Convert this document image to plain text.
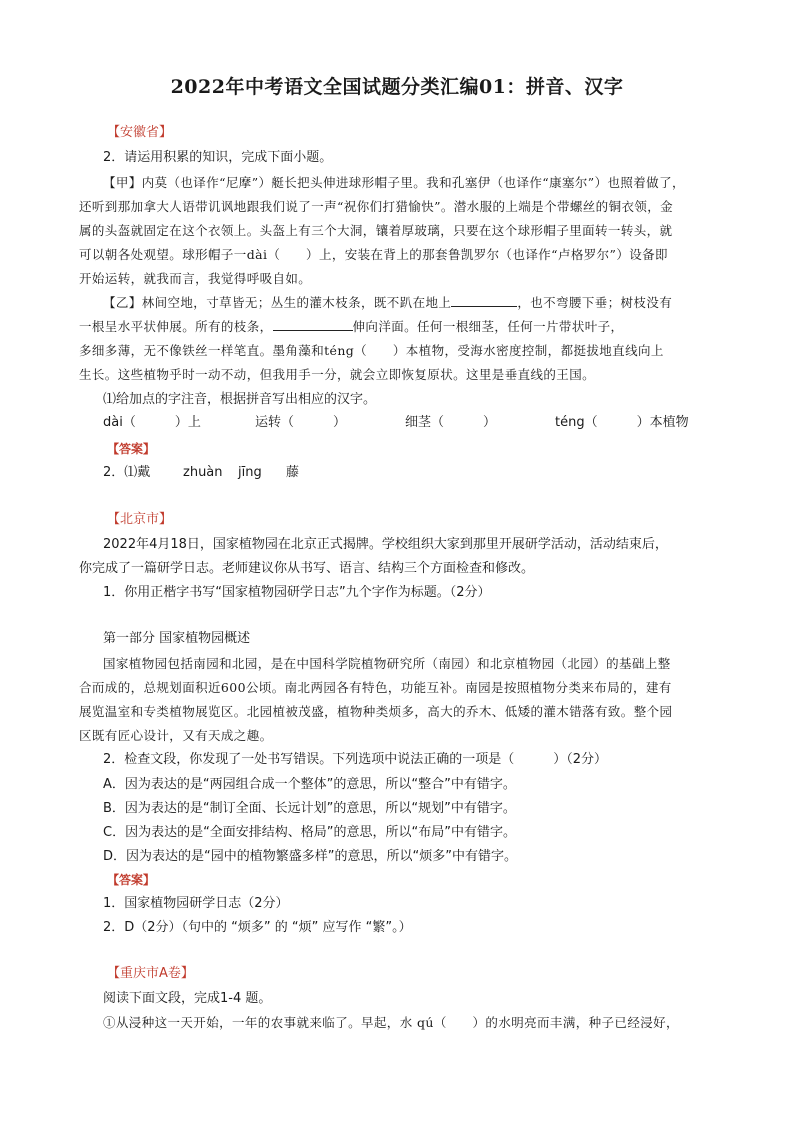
2022年中考语文全国试题分类汇编01：拼音、汉字
【安徽省】
2．请运用积累的知识，完成下面小题。
【甲】内莫（也译作“尼摩”）艇长把头伸进球形帽子里。我和孔塞伊（也译作“康塞尔”）也照着做了，
还听到那加拿大人语带讥讽地跟我们说了一声“祝你们打猎愉快”。潜水服的上端是个带螺丝的铜衣领，金
属的头盔就固定在这个衣领上。头盔上有三个大洞，镶着厚玻璃，只要在这个球形帽子里面转一转头，就
可以朝各处观望。球形帽子一dài（　　）上，安装在背上的那套鲁凯罗尔（也译作“卢格罗尔”）设备即
开始运转，就我而言，我觉得呼吸自如。
【乙】林间空地，寸草皆无；丛生的灌木枝条，既不趴在地上	，也不弯腰下垂；树枝没有
一根呈水平状伸展。所有的枝条，	伸向洋面。任何一根细茎，任何一片带状叶子，
多细多薄，无不像铁丝一样笔直。墨角藻和téng（　　）本植物，受海水密度控制，都挺拔地直线向上
生长。这些植物乎时一动不动，但我用手一分，就会立即恢复原状。这里是垂直线的王国。
⑴给加点的字注音，根据拼音写出相应的汉字。
dài（　　　）上	运转（　　　）	细茎（　　　）	téng（　　　）本植物
【答案】
2．⑴戴	zhuàn jīng 藤
【北京市】
2022年4月18日，国家植物园在北京正式揭牌。学校组织大家到那里开展研学活动，活动结束后，
你完成了一篇研学日志。老师建议你从书写、语言、结构三个方面检查和修改。
1．你用正楷字书写“国家植物园研学日志”九个字作为标题。（2分）
第一部分 国家植物园概述
国家植物园包括南园和北园，是在中国科学院植物研究所（南园）和北京植物园（北园）的基础上整
合而成的，总规划面积近600公顷。南北两园各有特色，功能互补。南园是按照植物分类来布局的，建有
展览温室和专类植物展览区。北园植被茂盛，植物种类烦多，高大的乔木、低矮的灌木错落有致。整个园
区既有匠心设计，又有天成之趣。
2．检查文段，你发现了一处书写错误。下列选项中说法正确的一项是（　　　）（2分）
A．因为表达的是“两园组合成一个整体”的意思，所以“整合”中有错字。
B．因为表达的是“制订全面、长远计划”的意思，所以“规划”中有错字。
C．因为表达的是“全面安排结构、格局”的意思，所以“布局”中有错字。
D．因为表达的是“园中的植物繁盛多样”的意思，所以“烦多”中有错字。
【答案】
1．国家植物园研学日志（2分）
2．D（2分）（句中的 “烦多” 的 “烦” 应写作 “繁”。）
【重庆市A卷】
阅读下面文段，完成1-4 题。
①从浸种这一天开始，一年的农事就来临了。早起，水 qú（　　）的水明亮而丰满，种子已经浸好，
